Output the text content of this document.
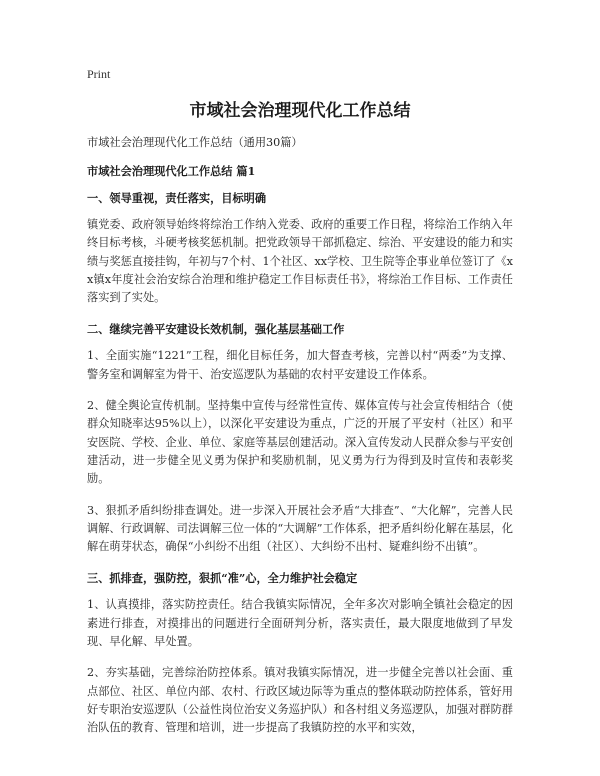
Print

市域社会治理现代化工作总结

市域社会治理现代化工作总结（通用30篇）

市域社会治理现代化工作总结 篇1

一、领导重视，责任落实，目标明确

镇党委、政府领导始终将综治工作纳入党委、政府的重要工作日程，将综治工作纳入年终目标考核，斗硬考核奖惩机制。把党政领导干部抓稳定、综治、平安建设的能力和实绩与奖惩直接挂钩，年初与7个村、1个社区、xx学校、卫生院等企事业单位签订了《xx镇x年度社会治安综合治理和维护稳定工作目标责任书》，将综治工作目标、工作责任落实到了实处。

二、继续完善平安建设长效机制，强化基层基础工作

1、全面实施“1221”工程，细化目标任务，加大督查考核，完善以村“两委”为支撑、警务室和调解室为骨干、治安巡逻队为基础的农村平安建设工作体系。

2、健全舆论宣传机制。坚持集中宣传与经常性宣传、媒体宣传与社会宣传相结合（使群众知晓率达95%以上），以深化平安建设为重点，广泛的开展了平安村（社区）和平安医院、学校、企业、单位、家庭等基层创建活动。深入宣传发动人民群众参与平安创建活动，进一步健全见义勇为保护和奖励机制，见义勇为行为得到及时宣传和表彰奖励。

3、狠抓矛盾纠纷排查调处。进一步深入开展社会矛盾“大排查”、“大化解”，完善人民调解、行政调解、司法调解三位一体的“大调解”工作体系，把矛盾纠纷化解在基层，化解在萌芽状态，确保“小纠纷不出组（社区）、大纠纷不出村、疑难纠纷不出镇”。

三、抓排查，强防控，狠抓“准”心，全力维护社会稳定

1、认真摸排，落实防控责任。结合我镇实际情况，全年多次对影响全镇社会稳定的因素进行排查，对摸排出的问题进行全面研判分析，落实责任，最大限度地做到了早发现、早化解、早处置。

2、夯实基础，完善综治防控体系。镇对我镇实际情况，进一步健全完善以社会面、重点部位、社区、单位内部、农村、行政区域边际等为重点的整体联动防控体系，管好用好专职治安巡逻队（公益性岗位治安义务巡护队）和各村组义务巡逻队，加强对群防群治队伍的教育、管理和培训，进一步提高了我镇防控的水平和实效，
